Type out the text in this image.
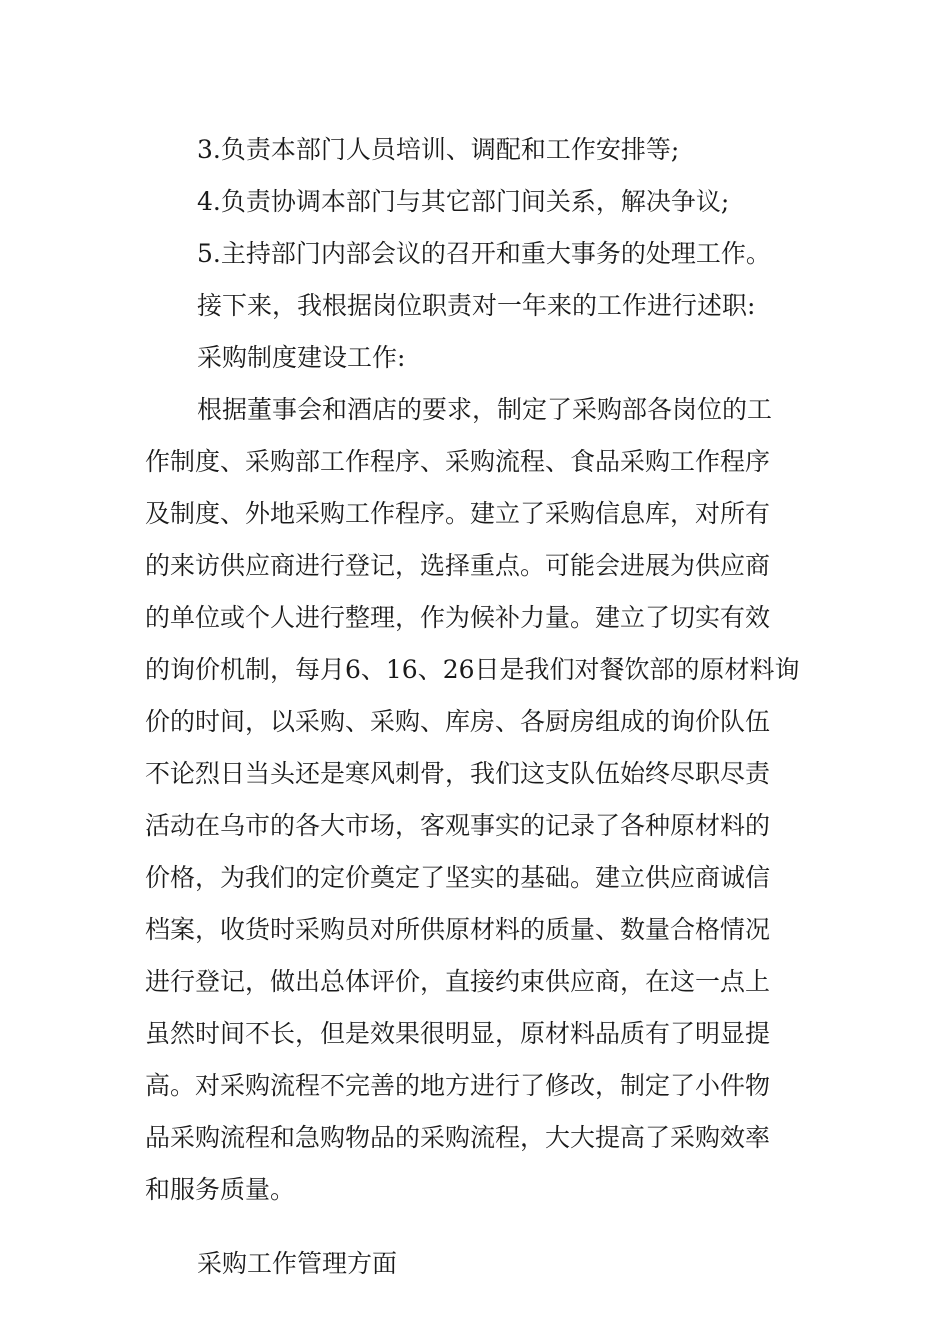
3.负责本部门人员培训、调配和工作安排等;
4.负责协调本部门与其它部门间关系，解决争议;
5.主持部门内部会议的召开和重大事务的处理工作。
接下来，我根据岗位职责对一年来的工作进行述职:
采购制度建设工作:
根据董事会和酒店的要求，制定了采购部各岗位的工
作制度、采购部工作程序、采购流程、食品采购工作程序
及制度、外地采购工作程序。建立了采购信息库，对所有
的来访供应商进行登记，选择重点。可能会进展为供应商
的单位或个人进行整理，作为候补力量。建立了切实有效
的询价机制，每月6、16、26日是我们对餐饮部的原材料询
价的时间，以采购、采购、库房、各厨房组成的询价队伍
不论烈日当头还是寒风刺骨，我们这支队伍始终尽职尽责
活动在乌市的各大市场，客观事实的记录了各种原材料的
价格，为我们的定价奠定了坚实的基础。建立供应商诚信
档案，收货时采购员对所供原材料的质量、数量合格情况
进行登记，做出总体评价，直接约束供应商，在这一点上
虽然时间不长，但是效果很明显，原材料品质有了明显提
高。对采购流程不完善的地方进行了修改，制定了小件物
品采购流程和急购物品的采购流程，大大提高了采购效率
和服务质量。
采购工作管理方面
